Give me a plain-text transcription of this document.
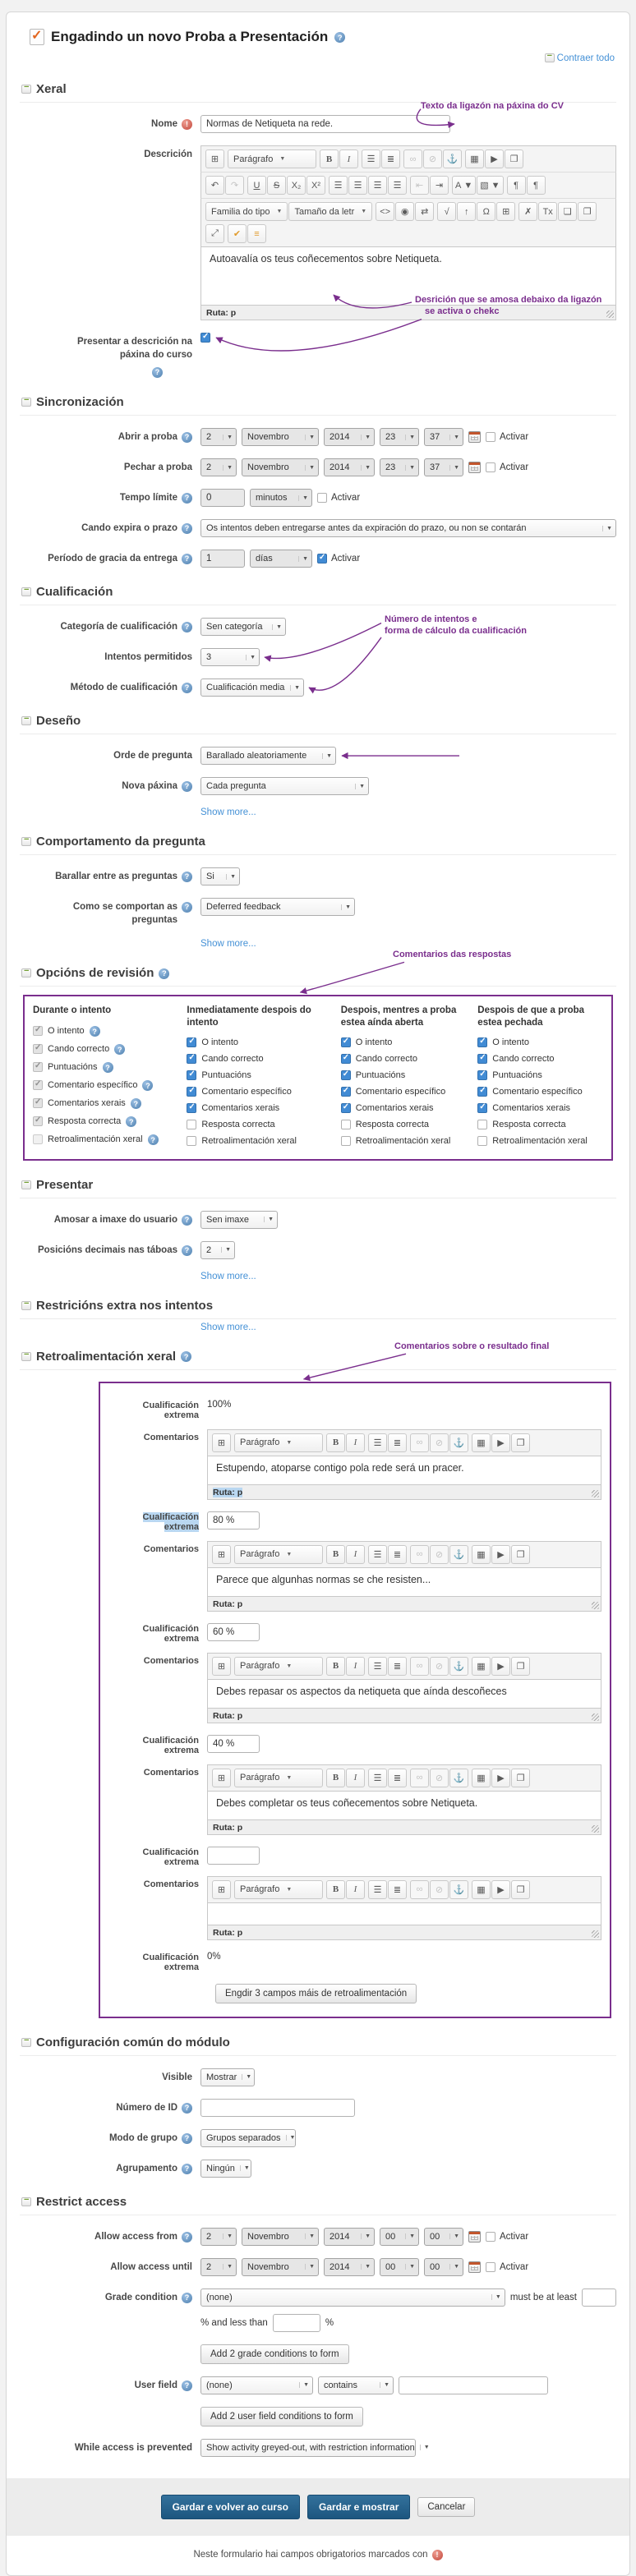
✓
Engadindo un novo Proba a Presentación	?
−Contraer todo
−
Xeral
Nome	!
Normas de Netiqueta na rede.
Descrición	⊞	Parágrafo ▼	B	I	☰	≣	∞	⊘	⚓	▦	▶	❐
↶	↷	U	S	X₂	X²	☰	☰	☰	☰	⇤	⇥	A ▼ ▧ ▼	¶	¶
Familia do tipo ▼ Tamaño da letr ▼	<>	◉	⇄	√	↑	Ω	⊞	✗	Tx	❏	❐
⤢	✔	≡
Autoavalía os teus coñecementos sobre Netiqueta.
Ruta: p
Presentar a descrición na páxina do curso
?
✓
−
Sincronización
Abrir a proba ?	2	▼ Novembro	▼ 2014	▼ 23	▼ 37	▼	Activar
Pechar a proba 2	▼ Novembro	▼ 2014	▼ 23	▼ 37	▼	Activar
Tempo límite ?
0	minutos	▼ Activar
Cando expira o prazo ?	Os intentos deben entregarse antes da expiración do prazo, ou non se contarán	▼
Período de gracia da entrega ?
1	días	▼ ✓ Activar
−
Cualificación
Categoría de cualificación ?	Sen categoría	▼
Intentos permitidos 3	▼
Método de cualificación ?	Cualificación media	▼
−
Deseño
Orde de pregunta Barallado aleatoriamente	▼
Nova páxina ?	Cada pregunta	▼
Show more...
−
Comportamento da pregunta
Barallar entre as preguntas ?	Si	▼
Como se comportan as preguntas
?	Deferred feedback	▼
Show more...
−
Opcións de revisión	?
Durante o intento
✓
O intento	?
✓
Cando correcto	?
✓
Puntuacións	?
✓
Comentario específico	?
✓
Comentarios xerais	?
✓
Resposta correcta	?
Retroalimentación xeral	?
Inmediatamente despois do intento
✓
O intento
✓
Cando correcto
✓
Puntuacións
✓
Comentario específico
✓
Comentarios xerais
Resposta correcta
Retroalimentación xeral
Despois, mentres a proba estea aínda aberta
✓
O intento
✓
Cando correcto
✓
Puntuacións
✓
Comentario específico
✓
Comentarios xerais
Resposta correcta
Retroalimentación xeral
Despois de que a proba estea pechada
✓
O intento
✓
Cando correcto
✓
Puntuacións
✓
Comentario específico
✓
Comentarios xerais
Resposta correcta
Retroalimentación xeral
−
Presentar
Amosar a imaxe do usuario ?	Sen imaxe	▼
Posicións decimais nas táboas ?	2	▼
Show more...
−
Restricións extra nos intentos
Show more...
−
Retroalimentación xeral	?
Cualificación extrema
100%
Comentarios
⊞	Parágrafo ▼	B	I	☰	≣	∞	⊘	⚓	▦	▶	❐
Estupendo, atoparse contigo pola rede será un pracer.
Ruta: p
Cualificación extrema
80 %
Comentarios
⊞	Parágrafo ▼	B	I	☰	≣	∞	⊘	⚓	▦	▶	❐
Parece que algunhas normas se che resisten...
Ruta: p
Cualificación extrema
60 %
Comentarios
⊞	Parágrafo ▼	B	I	☰	≣	∞	⊘	⚓	▦	▶	❐
Debes repasar os aspectos da netiqueta que aínda descoñeces
Ruta: p
Cualificación extrema
40 %
Comentarios
⊞	Parágrafo ▼	B	I	☰	≣	∞	⊘	⚓	▦	▶	❐
Debes completar os teus coñecementos sobre Netiqueta.
Ruta: p
Cualificación extrema
Comentarios
⊞	Parágrafo ▼	B	I	☰	≣	∞	⊘	⚓	▦	▶	❐
Ruta: p
Cualificación extrema
0%
Engdir 3 campos máis de retroalimentación
−
Configuración común do módulo
Visible Mostrar	▼
Número de ID ?
Modo de grupo ?	Grupos separados	▼
Agrupamento ?	Ningún	▼
−
Restrict access
Allow access from ?	2	▼ Novembro	▼ 2014	▼ 00	▼ 00	▼	Activar
Allow access until 2	▼ Novembro	▼ 2014	▼ 00	▼ 00	▼	Activar
Grade condition ?	(none)	▼ must be at least
% and less than	%
Add 2 grade conditions to form
User field ?	(none)	▼ contains	▼
Add 2 user field conditions to form
While access is prevented Show activity greyed-out, with restriction information	▼
Gardar e volver ao curso	Gardar e mostrar	Cancelar
Neste formulario hai campos obrigatorios marcados con	!
Texto da ligazón na páxina do CV
Desrición que se amosa debaixo da ligazón
se activa o chekc
Número de intentos e
forma de cálculo da cualificación
Comentarios das respostas
Comentarios sobre o resultado final
